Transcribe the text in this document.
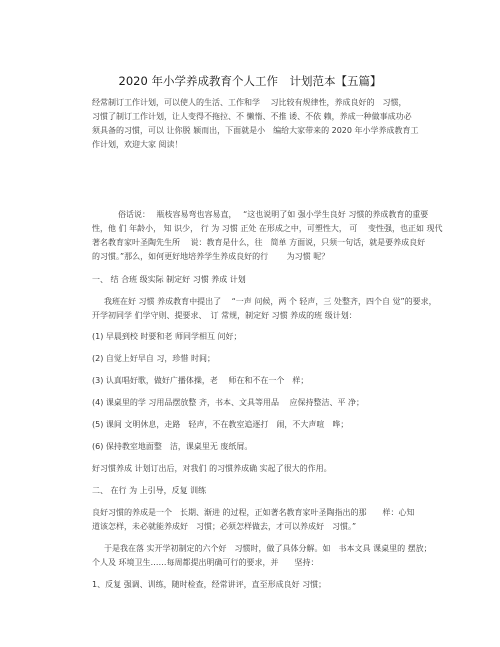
2020 年小学养成教育个人工作　计划范本【五篇】
经常制订工作计划，可以使人的生活、工作和学　 习比较有规律性，养成良好的　习惯，
习惯了制订工作计划，让人变得不拖拉、不 懒惰、不推 诿、不依 赖，养成一种做事成功必
须具备的习惯，可以 让你脱 颖而出，下面就是小　编给大家带来的 2020 年小学养成教育工
作计划，欢迎大家 阅读！
俗话说：　 瓶枝容易弯也容易直，　 “这也说明了如 强小学生良好 习惯的养成教育的重要
性，他 们 年龄小， 知 识少， 行 为 习惯 正处 在形成之中，可塑性大， 可　 变性强，也正如 现代
著名教育家叶圣陶先生所　 说：教育是什么，往　简单 方面说，只须一句话，就是要养成良好
的习惯。”那么，如何更好地培养学生养成良好的行　　 为习惯 呢？
一、 结 合班 级实际 制定好 习惯 养成 计划
我班在好 习惯 养成教育中提出了　 “一声 问候，两 个 轻声，三 处整齐，四个自 觉”的要求，
开学初同学 们学守则、提要求、　订 常规，制定好 习惯 养成的班 级计划：
(1) 早晨到校 时要和老 师同学相互 问好；
(2) 自觉上好早自 习，珍惜 时间；
(3) 认真唱好歌，做好广播体操，老　 师在和不在一个　样；
(4) 课桌里的学 习用品摆放整 齐，书本、文具等用品　 应保持整洁、平 净；
(5) 课间 文明休息，走路　轻声，不在教室追逐打　闹，不大声喧　哗；
(6) 保持教室地面整　洁，课桌里无 废纸屑。
好习惯养成 计划订出后，对我们 的习惯养成确 实起了很大的作用。
二、 在行 为 上引导，反复 训练
良好习惯的养成是一个　长期、渐进 的过程，正如著名教育家叶圣陶指出的那　　样：心知
道该怎样，未必就能养成好　习惯；必须怎样做去，才可以养成好　习惯。”
于是我在落 实开学初制定的六个好　习惯时，做了具体分解。如　书本文具 课桌里的 摆放；
个人及 环境卫生……每周都提出明确可行的要求，并　　坚持：
1、反复 强调、训练，随时检查，经常讲评，直至形成良好 习惯；
